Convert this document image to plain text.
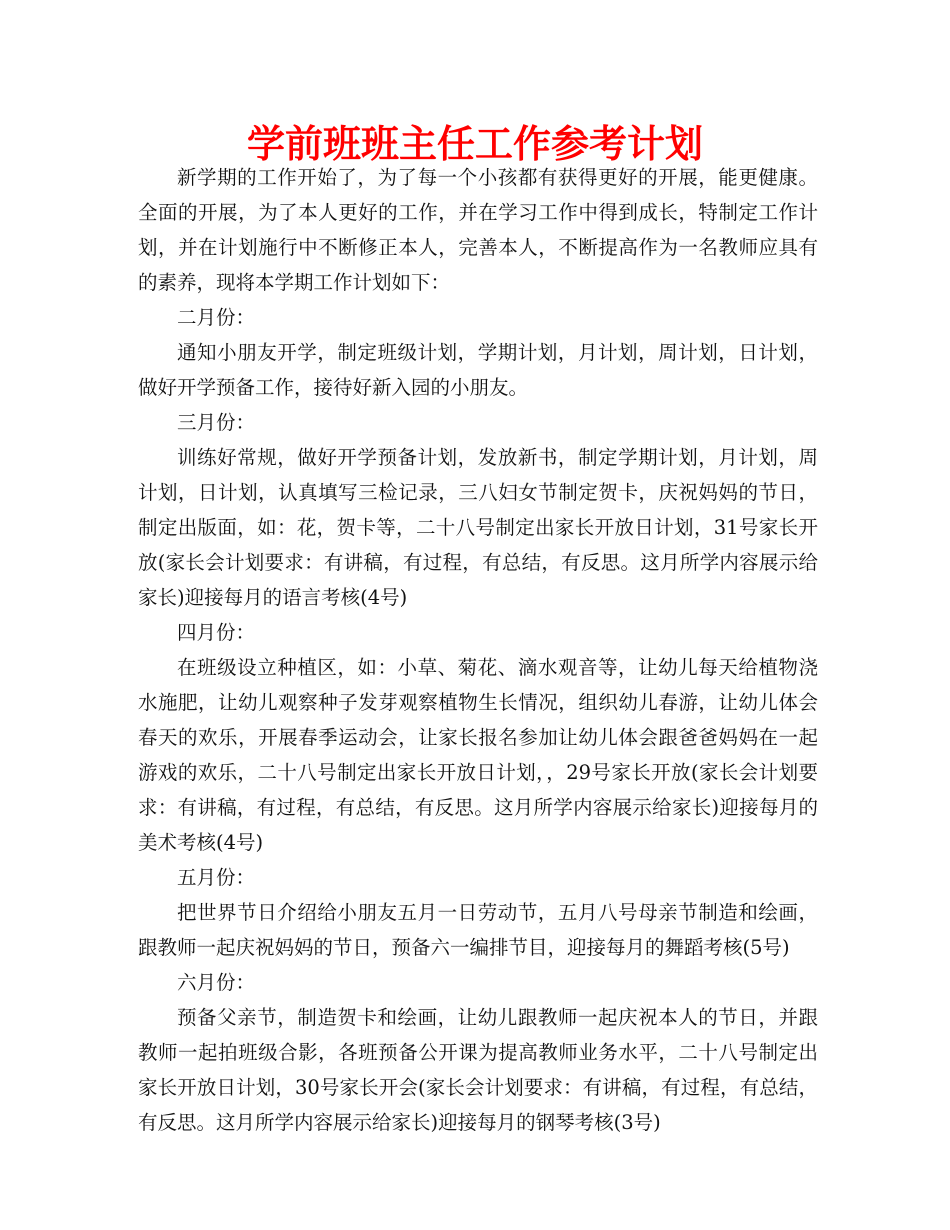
学前班班主任工作参考计划

新学期的工作开始了，为了每一个小孩都有获得更好的开展，能更健康。全面的开展，为了本人更好的工作，并在学习工作中得到成长，特制定工作计划，并在计划施行中不断修正本人，完善本人，不断提高作为一名教师应具有的素养，现将本学期工作计划如下：

二月份：

通知小朋友开学，制定班级计划，学期计划，月计划，周计划，日计划，做好开学预备工作，接待好新入园的小朋友。

三月份：

训练好常规，做好开学预备计划，发放新书，制定学期计划，月计划，周计划，日计划，认真填写三检记录，三八妇女节制定贺卡，庆祝妈妈的节日，制定出版面，如：花，贺卡等，二十八号制定出家长开放日计划，31号家长开放(家长会计划要求：有讲稿，有过程，有总结，有反思。这月所学内容展示给家长)迎接每月的语言考核(4号)

四月份：

在班级设立种植区，如：小草、菊花、滴水观音等，让幼儿每天给植物浇水施肥，让幼儿观察种子发芽观察植物生长情况，组织幼儿春游，让幼儿体会春天的欢乐，开展春季运动会，让家长报名参加让幼儿体会跟爸爸妈妈在一起游戏的欢乐，二十八号制定出家长开放日计划，，29号家长开放(家长会计划要求：有讲稿，有过程，有总结，有反思。这月所学内容展示给家长)迎接每月的美术考核(4号)

五月份：

把世界节日介绍给小朋友五月一日劳动节，五月八号母亲节制造和绘画，跟教师一起庆祝妈妈的节日，预备六一编排节目，迎接每月的舞蹈考核(5号)

六月份：

预备父亲节，制造贺卡和绘画，让幼儿跟教师一起庆祝本人的节日，并跟教师一起拍班级合影，各班预备公开课为提高教师业务水平，二十八号制定出家长开放日计划，30号家长开会(家长会计划要求：有讲稿，有过程，有总结，有反思。这月所学内容展示给家长)迎接每月的钢琴考核(3号)
